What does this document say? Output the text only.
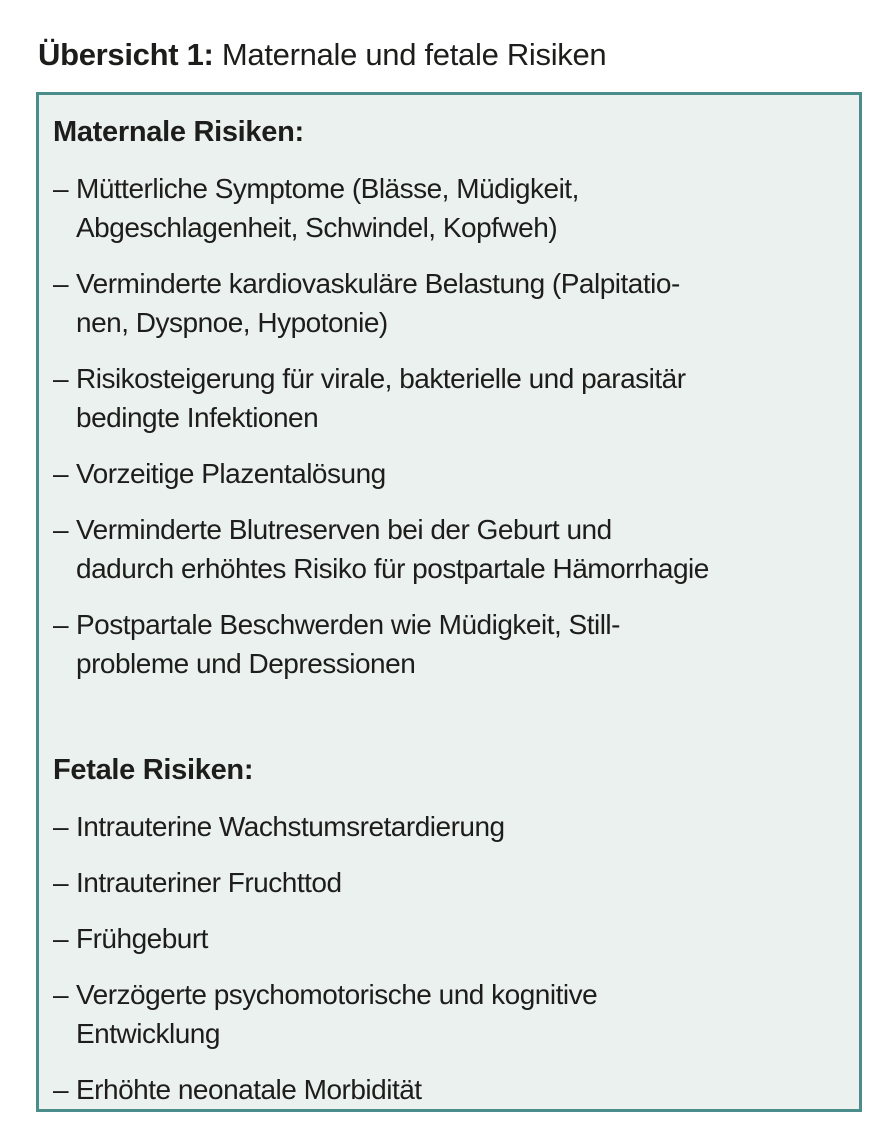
Übersicht 1: Maternale und fetale Risiken
Maternale Risiken:
– Mütterliche Symptome (Blässe, Müdigkeit,
Abgeschlagenheit, Schwindel, Kopfweh)
– Verminderte kardiovaskuläre Belastung (Palpitatio-
nen, Dyspnoe, Hypotonie)
– Risikosteigerung für virale, bakterielle und parasitär
bedingte Infektionen
– Vorzeitige Plazentalösung
– Verminderte Blutreserven bei der Geburt und
dadurch erhöhtes Risiko für postpartale Hämorrhagie
– Postpartale Beschwerden wie Müdigkeit, Still-
probleme und Depressionen
Fetale Risiken:
– Intrauterine Wachstumsretardierung
– Intrauteriner Fruchttod
– Frühgeburt
– Verzögerte psychomotorische und kognitive
Entwicklung
– Erhöhte neonatale Morbidität
